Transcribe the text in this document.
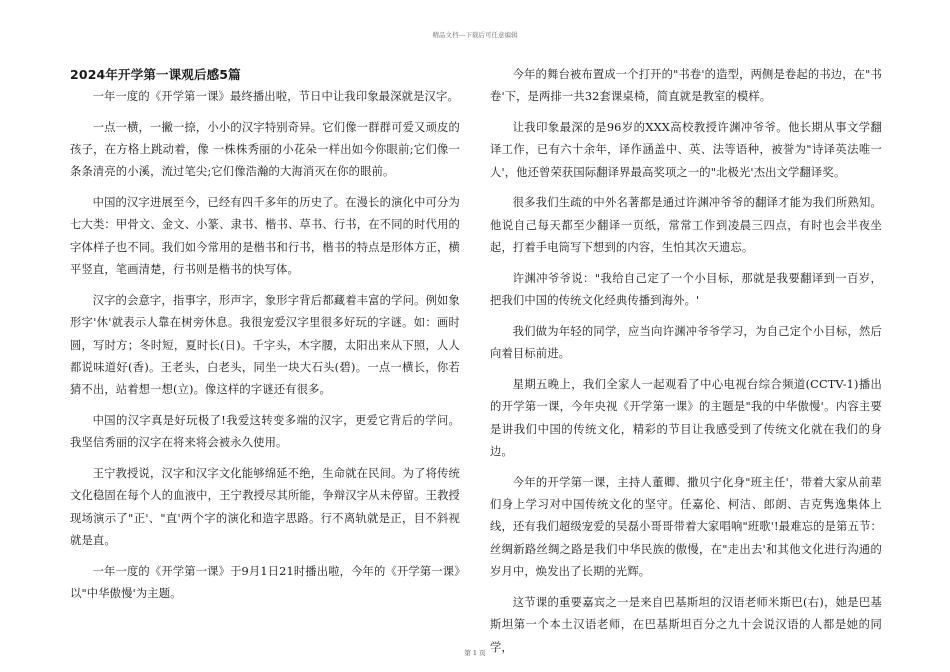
精品文档---下载后可任意编辑
2024年开学第一课观后感5篇

一年一度的《开学第一课》最终播出啦，节日中让我印象最深就是汉字。

一点一横，一撇一捺，小小的汉字特别奇异。它们像一群群可爱又顽皮的孩子，在方格上跳动着，像 一株株秀丽的小花朵一样出如今你眼前;它们像一条条清亮的小溪，流过笔尖;它们像浩瀚的大海消灭在你的眼前。

中国的汉字进展至今，已经有四千多年的历史了。在漫长的演化中可分为七大类：甲骨文、金文、小篆、隶书、楷书、草书、行书，在不同的时代用的字体样子也不同。我们如今常用的是楷书和行书，楷书的特点是形体方正，横平竖直，笔画清楚，行书则是楷书的快写体。

汉字的会意字，指事字，形声字，象形字背后都藏着丰富的学问。例如象形字'休'就表示人靠在树旁休息。我很宠爱汉字里很多好玩的字谜。如：画时圆，写时方；冬时短，夏时长(日)。千字头，木字腰，太阳出来从下照，人人都说味道好(香)。王老头，白老头，同坐一块大石头(碧)。一点一横长，你若猜不出，站着想一想(立)。像这样的字谜还有很多。

中国的汉字真是好玩极了!我爱这转变多端的汉字，更爱它背后的学问。我坚信秀丽的汉字在将来将会被永久使用。

王宁教授说，汉字和汉字文化能够绵延不绝，生命就在民间。为了将传统文化稳固在每个人的血液中，王宁教授尽其所能，争辩汉字从未停留。王教授现场演示了"正'、"直'两个字的演化和造字思路。行不离轨就是正，目不斜视就是直。

一年一度的《开学第一课》于9月1日21时播出啦，今年的《开学第一课》以"中华傲慢'为主题。

今年的舞台被布置成一个打开的"书卷'的造型，两侧是卷起的书边，在"书卷'下，是两排一共32套课桌椅，简直就是教室的模样。

让我印象最深的是96岁的XXX高校教授许渊冲爷爷。他长期从事文学翻译工作，已有六十余年，译作涵盖中、英、法等语种，被誉为"诗译英法唯一人'，他还曾荣获国际翻译界最高奖项之一的"北极光'杰出文学翻译奖。

很多我们生疏的中外名著都是通过许渊冲爷爷的翻译才能为我们所熟知。他说自己每天都至少翻译一页纸，常常工作到凌晨三四点，有时也会半夜坐起，打着手电筒写下想到的内容，生怕其次天遗忘。

许渊冲爷爷说："我给自己定了一个小目标，那就是我要翻译到一百岁，把我们中国的传统文化经典传播到海外。'

我们做为年轻的同学，应当向许渊冲爷爷学习，为自己定个小目标，然后向着目标前进。

星期五晚上，我们全家人一起观看了中心电视台综合频道(CCTV-1)播出的开学第一课，今年央视《开学第一课》的主题是"我的中华傲慢'。内容主要是讲我们中国的传统文化，精彩的节目让我感受到了传统文化就在我们的身边。

今年的开学第一课，主持人董卿、撒贝宁化身"班主任'，带着大家从前辈们身上学习对中国传统文化的坚守。任嘉伦、柯洁、郎朗、吉克隽逸集体上线，还有我们超级宠爱的吴磊小哥哥带着大家唱响"班歌'!最难忘的是第五节：丝绸新路丝绸之路是我们中华民族的傲慢，在"走出去'和其他文化进行沟通的岁月中，焕发出了长期的光辉。

这节课的重要嘉宾之一是来自巴基斯坦的汉语老师米斯巴(右)，她是巴基斯坦第一个本土汉语老师，在巴基斯坦百分之九十会说汉语的人都是她的同学，

第 1 页
